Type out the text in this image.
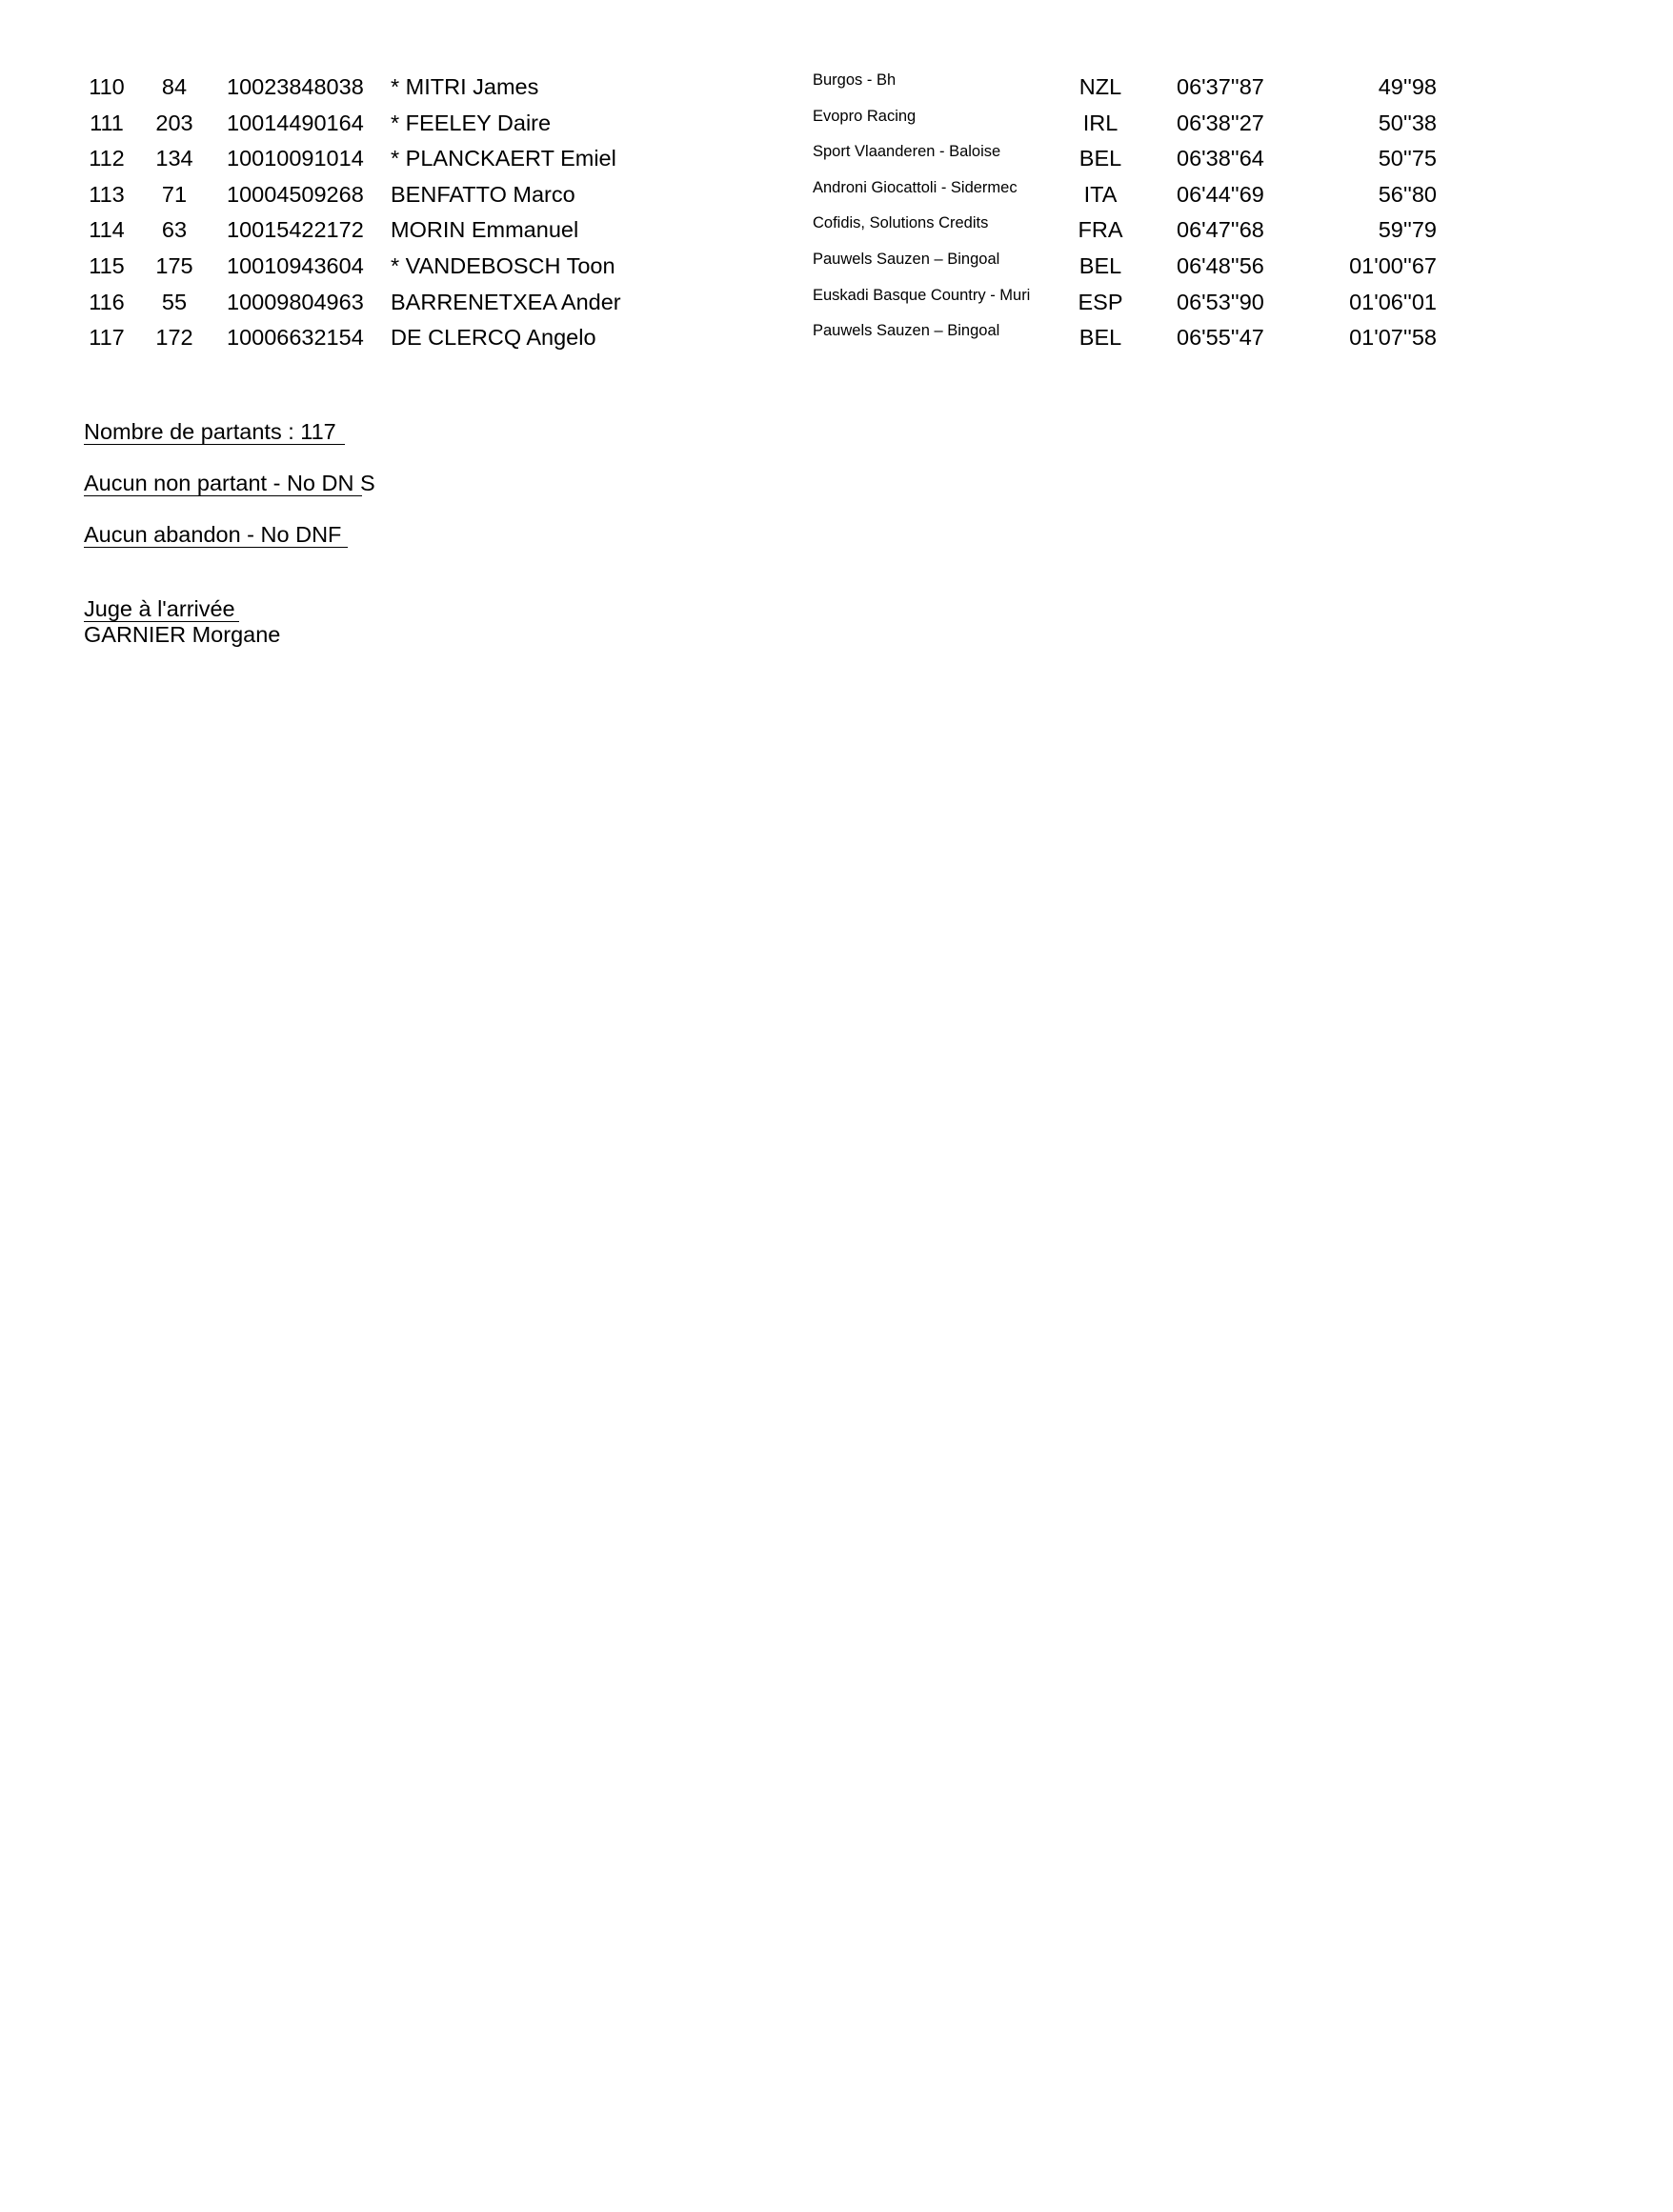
110	84	10023848038 * MITRI James	Burgos - Bh	NZL	06'37''87	49''98
111	203	10014490164 * FEELEY Daire	Evopro Racing	IRL	06'38''27	50''38
112	134	10010091014 * PLANCKAERT Emiel	Sport Vlaanderen - Baloise	BEL	06'38''64	50''75
113	71	10004509268 BENFATTO Marco	Androni Giocattoli - Sidermec	ITA	06'44''69	56''80
114	63	10015422172 MORIN Emmanuel	Cofidis, Solutions Credits	FRA	06'47''68	59''79
115	175	10010943604 * VANDEBOSCH Toon	Pauwels Sauzen – Bingoal	BEL	06'48''56	01'00''67
116	55	10009804963 BARRENETXEA Ander	Euskadi Basque Country - Muri	ESP	06'53''90	01'06''01
117	172	10006632154 DE CLERCQ Angelo	Pauwels Sauzen – Bingoal	BEL	06'55''47	01'07''58
Nombre de partants : 117
Aucun non partant - No DN S
Aucun abandon - No DNF
Juge à l'arrivée
GARNIER Morgane
